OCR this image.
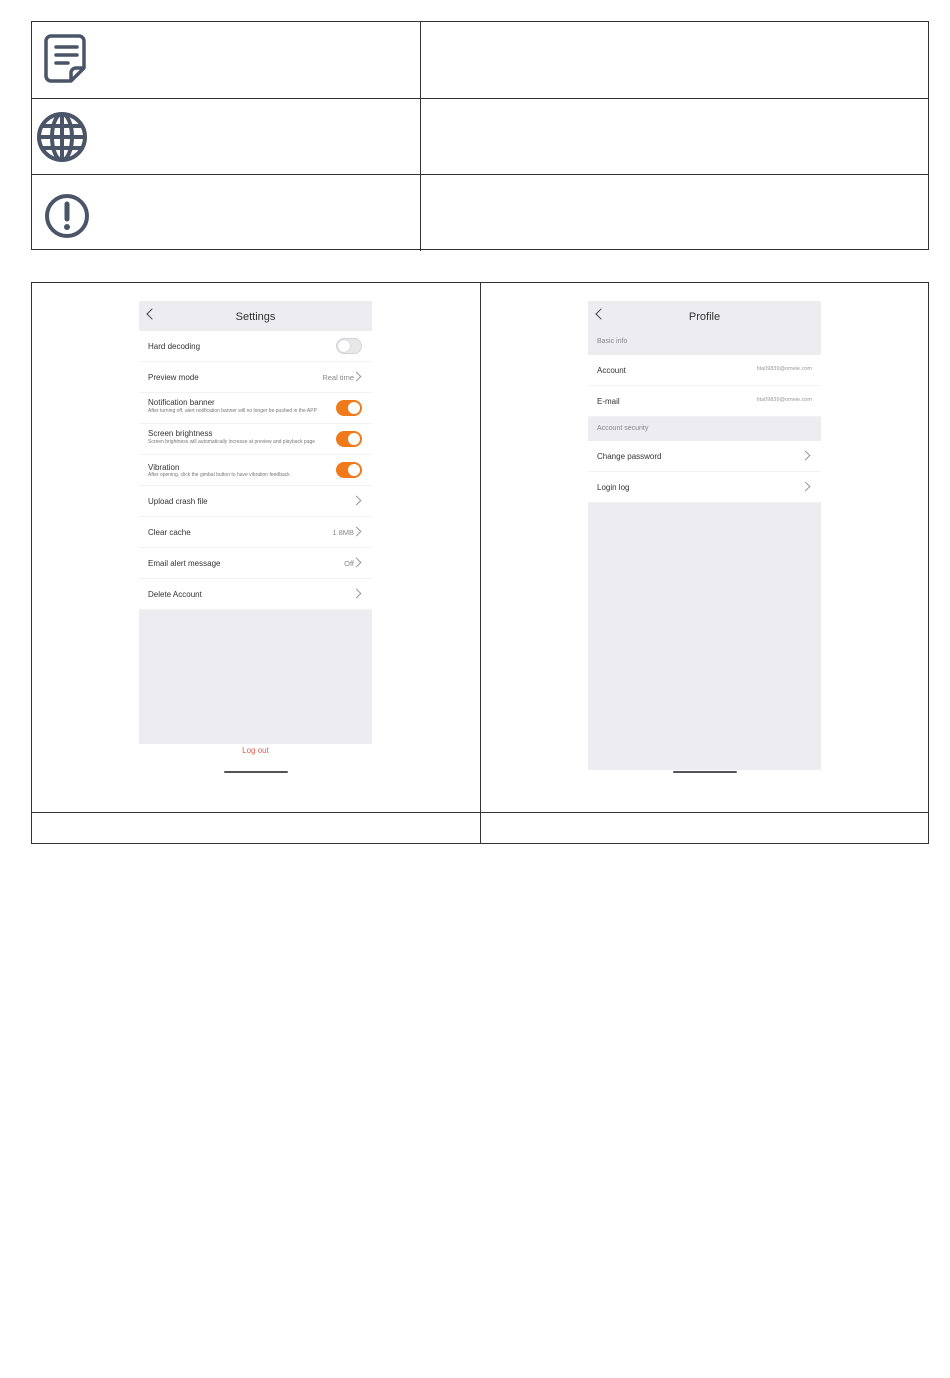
Settings
Hard decoding
Preview mode	Real time
Notification banner
After turning off, alert notification banner will no longer be pushed in the APP
Screen brightness
Screen brightness will automatically increase at preview and playback page
Vibration
After opening, click the gimbal button to have vibration feedback
Upload crash file
Clear cache	1.8MB
Email alert message	Off
Delete Account
Log out
Profile
Basic info
Account	hta09839@omeie.com
E-mail	hta09839@omeie.com
Account security
Change password
Login log
